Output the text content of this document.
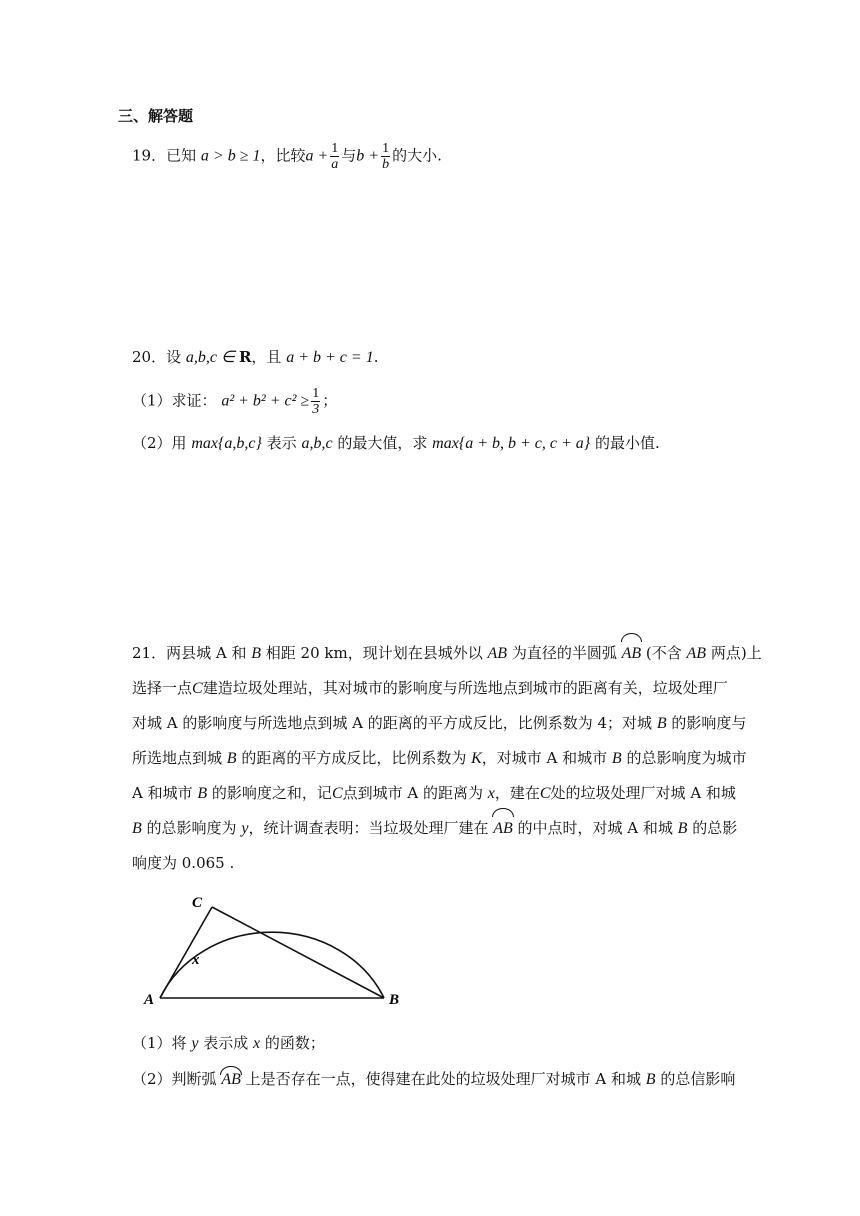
三、解答题
19．已知 a > b ≥ 1，比较$a + \frac{1}{a}$ 与$b + \frac{1}{b}$ 的大小.
20．设 a,b,c ∈ R，且 a + b + c = 1.
（1）求证： $a^2 + b^2 + c^2 \ge \frac{1}{3}$ ；
（2）用 max{a,b,c} 表示 a,b,c 的最大值，求 max{a + b, b + c, c + a} 的最小值.
21．两县城 A 和 B 相距 20 km，现计划在县城外以 AB 为直径的半圆弧 AB (不含 AB 两点)上
选择一点C建造垃圾处理站，其对城市的影响度与所选地点到城市的距离有关，垃圾处理厂
对城 A 的影响度与所选地点到城 A 的距离的平方成反比，比例系数为 4；对城 B 的影响度与
所选地点到城 B 的距离的平方成反比，比例系数为 K，对城市 A 和城市 B 的总影响度为城市
A 和城市 B 的影响度之和，记C点到城市 A 的距离为 x，建在C处的垃圾处理厂对城 A 和城
B 的总影响度为 y，统计调查表明：当垃圾处理厂建在 AB 的中点时，对城 A 和城 B 的总影
响度为 0.065 .
A	B
C
x
（1）将 y 表示成 x 的函数；
（2）判断弧 AB 上是否存在一点，使得建在此处的垃圾处理厂对城市 A 和城 B 的总信影响
